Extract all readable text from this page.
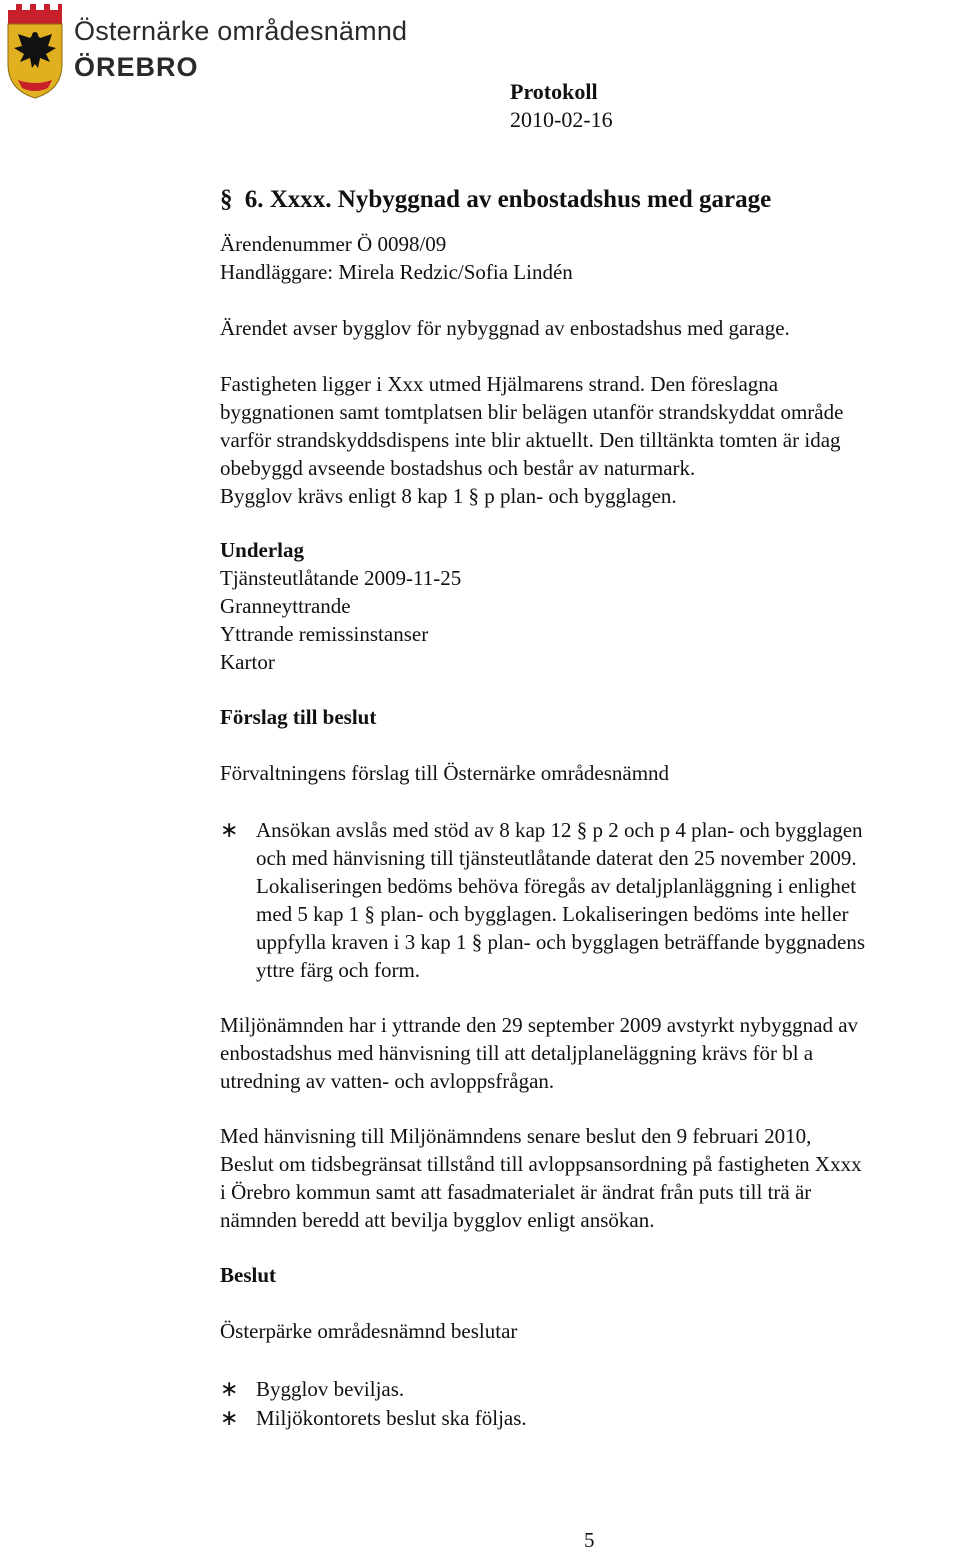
Östernärke områdesnämnd
ÖREBRO
Protokoll
2010-02-16
§ 6. Xxxx. Nybyggnad av enbostadshus med garage
Ärendenummer Ö 0098/09
Handläggare: Mirela Redzic/Sofia Lindén
Ärendet avser bygglov för nybyggnad av enbostadshus med garage.
Fastigheten ligger i Xxx utmed Hjälmarens strand. Den föreslagna
byggnationen samt tomtplatsen blir belägen utanför strandskyddat område
varför strandskyddsdispens inte blir aktuellt. Den tilltänkta tomten är idag
obebyggd avseende bostadshus och består av naturmark.
Bygglov krävs enligt 8 kap 1 § p plan- och bygglagen.
Underlag
Tjänsteutlåtande 2009-11-25
Granneyttrande
Yttrande remissinstanser
Kartor
Förslag till beslut
Förvaltningens förslag till Östernärke områdesnämnd
∗ Ansökan avslås med stöd av 8 kap 12 § p 2 och p 4 plan- och bygglagen
och med hänvisning till tjänsteutlåtande daterat den 25 november 2009.
Lokaliseringen bedöms behöva föregås av detaljplanläggning i enlighet
med 5 kap 1 § plan- och bygglagen. Lokaliseringen bedöms inte heller
uppfylla kraven i 3 kap 1 § plan- och bygglagen beträffande byggnadens
yttre färg och form.
Miljönämnden har i yttrande den 29 september 2009 avstyrkt nybyggnad av
enbostadshus med hänvisning till att detaljplaneläggning krävs för bl a
utredning av vatten- och avloppsfrågan.
Med hänvisning till Miljönämndens senare beslut den 9 februari 2010,
Beslut om tidsbegränsat tillstånd till avloppsansordning på fastigheten Xxxx
i Örebro kommun samt att fasadmaterialet är ändrat från puts till trä är
nämnden beredd att bevilja bygglov enligt ansökan.
Beslut
Österpärke områdesnämnd beslutar
∗ Bygglov beviljas.
∗ Miljökontorets beslut ska följas.
5
